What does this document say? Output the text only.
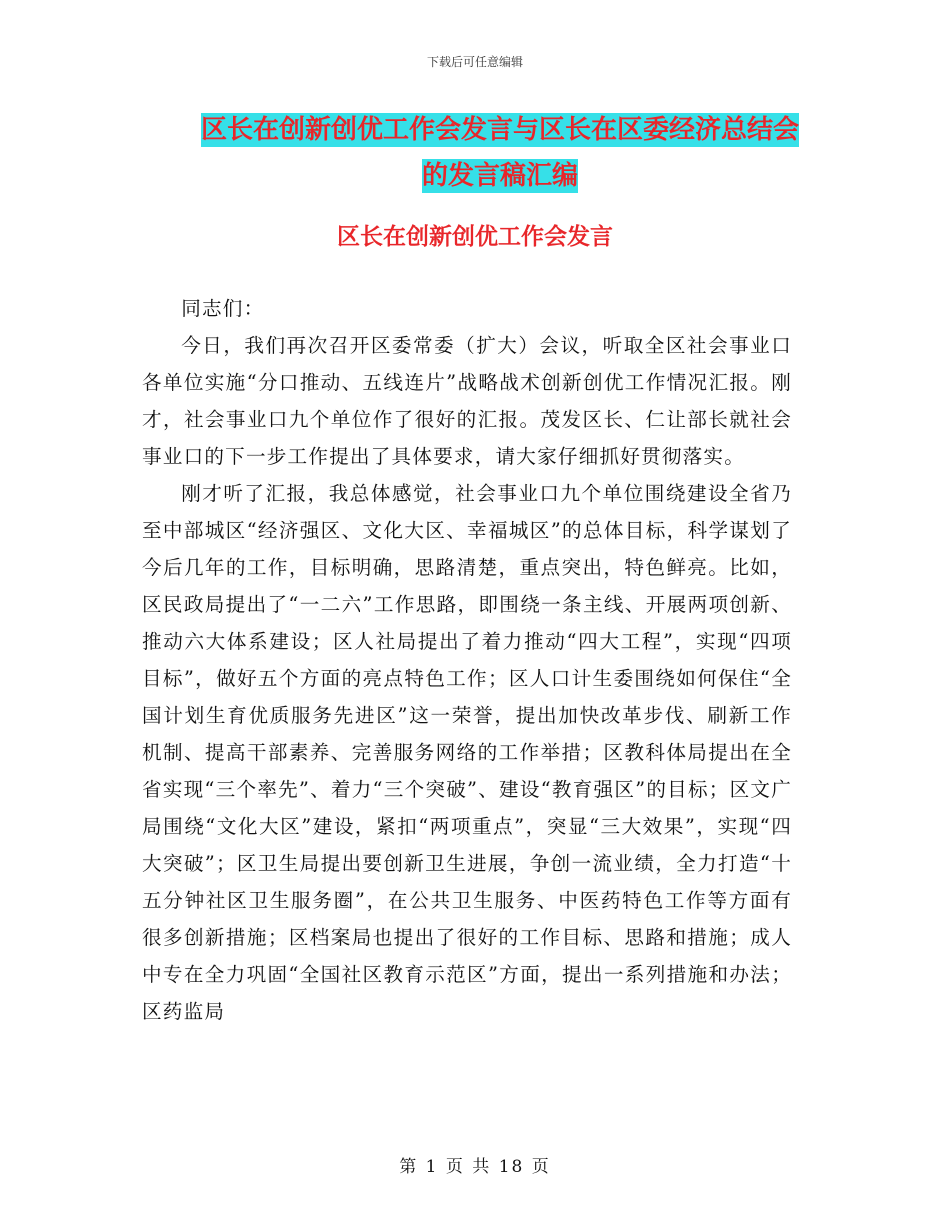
下载后可任意编辑
区长在创新创优工作会发言与区长在区委经济总结会
的发言稿汇编
区长在创新创优工作会发言

同志们：

今日，我们再次召开区委常委（扩大）会议，听取全区社会事业口各单位实施“分口推动、五线连片”战略战术创新创优工作情况汇报。刚才，社会事业口九个单位作了很好的汇报。茂发区长、仁让部长就社会事业口的下一步工作提出了具体要求，请大家仔细抓好贯彻落实。

刚才听了汇报，我总体感觉，社会事业口九个单位围绕建设全省乃至中部城区“经济强区、文化大区、幸福城区”的总体目标，科学谋划了今后几年的工作，目标明确，思路清楚，重点突出，特色鲜亮。比如，区民政局提出了“一二六”工作思路，即围绕一条主线、开展两项创新、推动六大体系建设；区人社局提出了着力推动“四大工程”，实现“四项目标”，做好五个方面的亮点特色工作；区人口计生委围绕如何保住“全国计划生育优质服务先进区”这一荣誉，提出加快改革步伐、刷新工作机制、提高干部素养、完善服务网络的工作举措；区教科体局提出在全省实现“三个率先”、着力“三个突破”、建设“教育强区”的目标；区文广局围绕“文化大区”建设，紧扣“两项重点”，突显“三大效果”，实现“四大突破”；区卫生局提出要创新卫生进展，争创一流业绩，全力打造“十五分钟社区卫生服务圈”，在公共卫生服务、中医药特色工作等方面有很多创新措施；区档案局也提出了很好的工作目标、思路和措施；成人中专在全力巩固“全国社区教育示范区”方面，提出一系列措施和办法；区药监局

第 1 页 共 18 页
